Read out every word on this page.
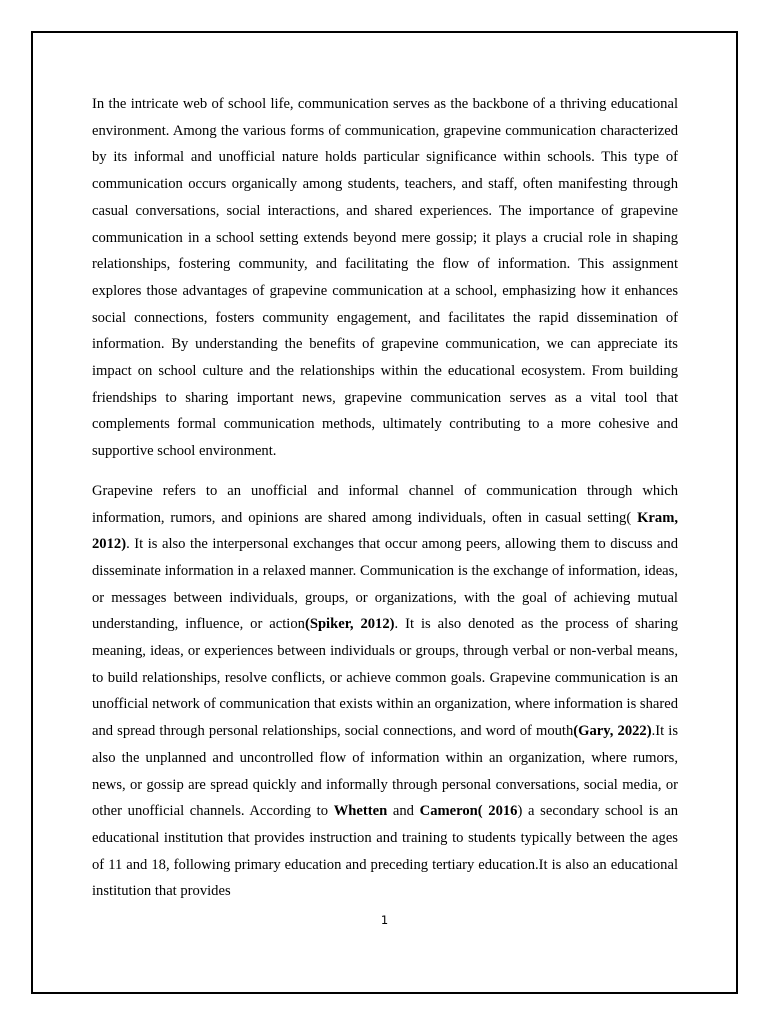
In the intricate web of school life, communication serves as the backbone of a thriving educational environment. Among the various forms of communication, grapevine communication characterized by its informal and unofficial nature holds particular significance within schools. This type of communication occurs organically among students, teachers, and staff, often manifesting through casual conversations, social interactions, and shared experiences. The importance of grapevine communication in a school setting extends beyond mere gossip; it plays a crucial role in shaping relationships, fostering community, and facilitating the flow of information. This assignment explores those advantages of grapevine communication at a school, emphasizing how it enhances social connections, fosters community engagement, and facilitates the rapid dissemination of information. By understanding the benefits of grapevine communication, we can appreciate its impact on school culture and the relationships within the educational ecosystem. From building friendships to sharing important news, grapevine communication serves as a vital tool that complements formal communication methods, ultimately contributing to a more cohesive and supportive school environment.

Grapevine refers to an unofficial and informal channel of communication through which information, rumors, and opinions are shared among individuals, often in casual setting( Kram, 2012). It is also the interpersonal exchanges that occur among peers, allowing them to discuss and disseminate information in a relaxed manner. Communication is the exchange of information, ideas, or messages between individuals, groups, or organizations, with the goal of achieving mutual understanding, influence, or action(Spiker, 2012). It is also denoted as the process of sharing meaning, ideas, or experiences between individuals or groups, through verbal or non-verbal means, to build relationships, resolve conflicts, or achieve common goals. Grapevine communication is an unofficial network of communication that exists within an organization, where information is shared and spread through personal relationships, social connections, and word of mouth(Gary, 2022).It is also the unplanned and uncontrolled flow of information within an organization, where rumors, news, or gossip are spread quickly and informally through personal conversations, social media, or other unofficial channels. According to Whetten and Cameron( 2016) a secondary school is an educational institution that provides instruction and training to students typically between the ages of 11 and 18, following primary education and preceding tertiary education.It is also an educational institution that provides

1
